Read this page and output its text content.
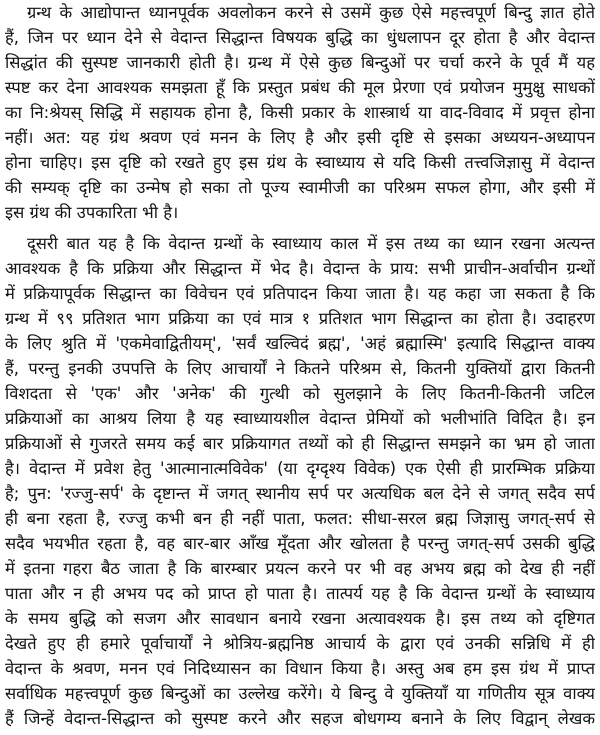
ग्रन्थ के आद्योपान्त ध्यानपूर्वक अवलोकन करने से उसमें कुछ ऐसे महत्त्वपूर्ण बिन्दु ज्ञात होते
हैं, जिन पर ध्यान देने से वेदान्त सिद्धान्त विषयक बुद्धि का धुंधलापन दूर होता है और वेदान्त
सिद्धांत की सुस्पष्ट जानकारी होती है। ग्रन्थ में ऐसे कुछ बिन्दुओं पर चर्चा करने के पूर्व मैं यह
स्पष्ट कर देना आवश्यक समझता हूँ कि प्रस्तुत प्रबंध की मूल प्रेरणा एवं प्रयोजन मुमुक्षु साधकों
का नि:श्रेयस् सिद्धि में सहायक होना है, किसी प्रकार के शास्त्रार्थ या वाद-विवाद में प्रवृत्त होना
नहीं। अत: यह ग्रंथ श्रवण एवं मनन के लिए है और इसी दृष्टि से इसका अध्ययन-अध्यापन
होना चाहिए। इस दृष्टि को रखते हुए इस ग्रंथ के स्वाध्याय से यदि किसी तत्त्वजिज्ञासु में वेदान्त
की सम्यक् दृष्टि का उन्मेष हो सका तो पूज्य स्वामीजी का परिश्रम सफल होगा, और इसी में
इस ग्रंथ की उपकारिता भी है।
दूसरी बात यह है कि वेदान्त ग्रन्थों के स्वाध्याय काल में इस तथ्य का ध्यान रखना अत्यन्त
आवश्यक है कि प्रक्रिया और सिद्धान्त में भेद है। वेदान्त के प्राय: सभी प्राचीन-अर्वाचीन ग्रन्थों
में प्रक्रियापूर्वक सिद्धान्त का विवेचन एवं प्रतिपादन किया जाता है। यह कहा जा सकता है कि
ग्रन्थ में ९९ प्रतिशत भाग प्रक्रिया का एवं मात्र १ प्रतिशत भाग सिद्धान्त का होता है। उदाहरण
के लिए श्रुति में 'एकमेवाद्वितीयम्', 'सर्वं खल्विदं ब्रह्म', 'अहं ब्रह्मास्मि' इत्यादि सिद्धान्त वाक्य
हैं, परन्तु इनकी उपपत्ति के लिए आचार्यों ने कितने परिश्रम से, कितनी युक्तियों द्वारा कितनी
विशदता से 'एक' और 'अनेक' की गुत्थी को सुलझाने के लिए कितनी-कितनी जटिल
प्रक्रियाओं का आश्रय लिया है यह स्वाध्यायशील वेदान्त प्रेमियों को भलीभांति विदित है। इन
प्रक्रियाओं से गुजरते समय कई बार प्रक्रियागत तथ्यों को ही सिद्धान्त समझने का भ्रम हो जाता
है। वेदान्त में प्रवेश हेतु 'आत्मानात्मविवेक' (या दृग्दृश्य विवेक) एक ऐसी ही प्रारम्भिक प्रक्रिया
है; पुन: 'रज्जु-सर्प' के दृष्टान्त में जगत् स्थानीय सर्प पर अत्यधिक बल देने से जगत् सदैव सर्प
ही बना रहता है, रज्जु कभी बन ही नहीं पाता, फलत: सीधा-सरल ब्रह्म जिज्ञासु जगत्-सर्प से
सदैव भयभीत रहता है, वह बार-बार आँख मूँदता और खोलता है परन्तु जगत्-सर्प उसकी बुद्धि
में इतना गहरा बैठ जाता है कि बारम्बार प्रयत्न करने पर भी वह अभय ब्रह्म को देख ही नहीं
पाता और न ही अभय पद को प्राप्त हो पाता है। तात्पर्य यह है कि वेदान्त ग्रन्थों के स्वाध्याय
के समय बुद्धि को सजग और सावधान बनाये रखना अत्यावश्यक है। इस तथ्य को दृष्टिगत
देखते हुए ही हमारे पूर्वाचार्यों ने श्रोत्रिय-ब्रह्मनिष्ठ आचार्य के द्वारा एवं उनकी सन्निधि में ही
वेदान्त के श्रवण, मनन एवं निदिध्यासन का विधान किया है। अस्तु अब हम इस ग्रंथ में प्राप्त
सर्वाधिक महत्त्वपूर्ण कुछ बिन्दुओं का उल्लेख करेंगे। ये बिन्दु वे युक्तियाँ या गणितीय सूत्र वाक्य
हैं जिन्हें वेदान्त-सिद्धान्त को सुस्पष्ट करने और सहज बोधगम्य बनाने के लिए विद्वान् लेखक
